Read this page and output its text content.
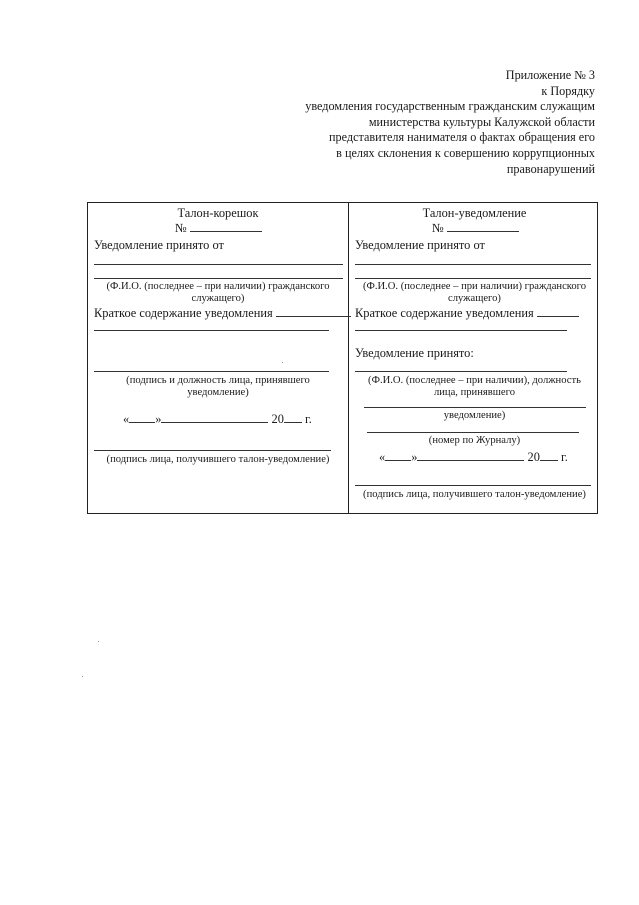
Приложение № 3
к Порядку
уведомления государственным гражданским служащим
министерства культуры Калужской области
представителя нанимателя о фактах обращения его
в целях склонения к совершению коррупционных
правонарушений
Талон-корешок
№
Уведомление принято от
(Ф.И.О. (последнее – при наличии) гражданского
служащего)
Краткое содержание уведомления
(подпись и должность лица, принявшего
уведомление)
« »	20 г.
(подпись лица, получившего талон-уведомление)
Талон-уведомление
№
Уведомление принято от
(Ф.И.О. (последнее – при наличии) гражданского
служащего)
Краткое содержание уведомления
Уведомление принято:
(Ф.И.О. (последнее – при наличии), должность
лица, принявшего
уведомление)
(номер по Журналу)
« »	20 г.
(подпись лица, получившего талон-уведомление)
